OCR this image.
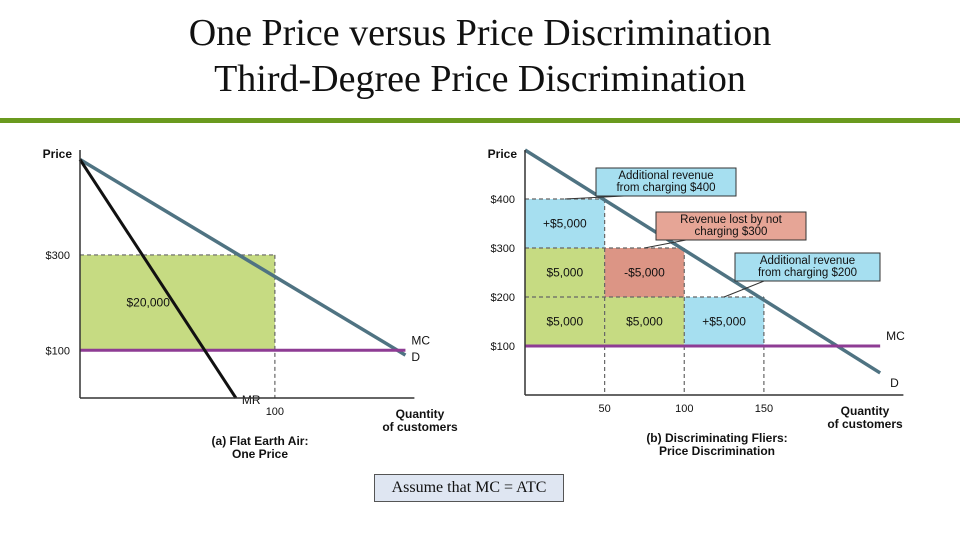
One Price versus Price Discrimination
Third-Degree Price Discrimination
$20,000
D
MC
MR
$300
$100
100
Price
Quantity
of customers
(a) Flat Earth Air:
One Price
+$5,000
$5,000
$5,000
-$5,000
$5,000	+$5,000
D
MC
$400
$300
$200
$100
50	100	150
Price
Quantity
of customers
(b) Discriminating Fliers:
Price Discrimination
Additional revenue
from charging $400
Revenue lost by not
charging $300
Additional revenue
from charging $200
Assume that MC = ATC
